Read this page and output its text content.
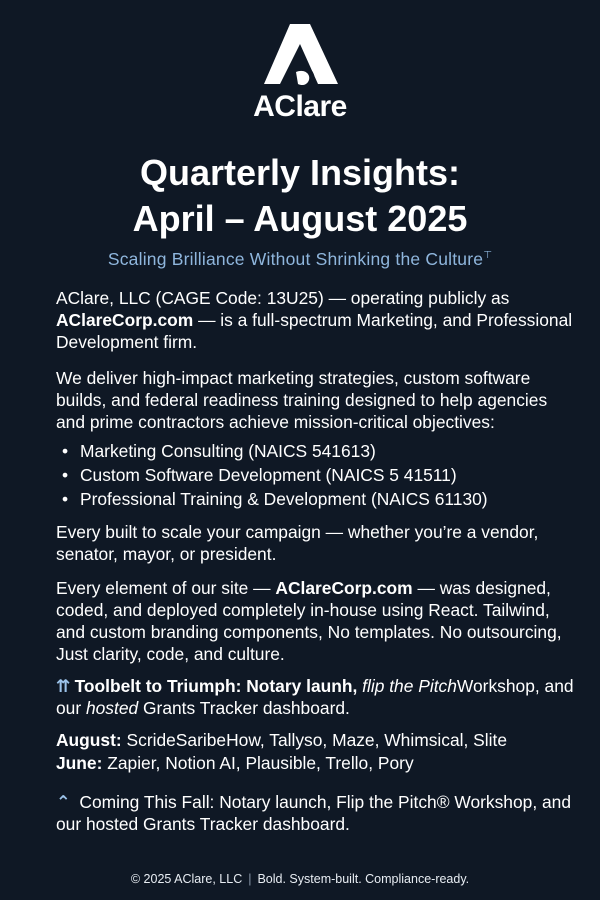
AClare
Quarterly Insights:
April – August 2025
Scaling Brilliance Without Shrinking the Culture⊤

AClare, LLC (CAGE Code: 13U25) — operating publicly as AClareCorp.com — is a full-spectrum Marketing, and Professional Development firm.

We deliver high-impact marketing strategies, custom software builds, and federal readiness training designed to help agencies and prime contractors achieve mission-critical objectives:

• Marketing Consulting (NAICS 541613)
• Custom Software Development (NAICS 5 41511)
• Professional Training & Development (NAICS 61130)

Every built to scale your campaign — whether you’re a vendor, senator, mayor, or president.

Every element of our site — AClareCorp.com — was designed, coded, and deployed completely in-house using React. Tailwind, and custom branding components, No templates. No outsourcing, Just clarity, code, and culture.

⇈ Toolbelt to Triumph: Notary launh, flip the PitchWorkshop, and our hosted Grants Tracker dashboard.

August: ScrideSaribeHow, Tallyso, Maze, Whimsical, Slite

June: Zapier, Notion AI, Plausible, Trello, Pory

⌃ Coming This Fall: Notary launch, Flip the Pitch® Workshop, and our hosted Grants Tracker dashboard.

© 2025 AClare, LLC | Bold. System-built. Compliance-ready.
